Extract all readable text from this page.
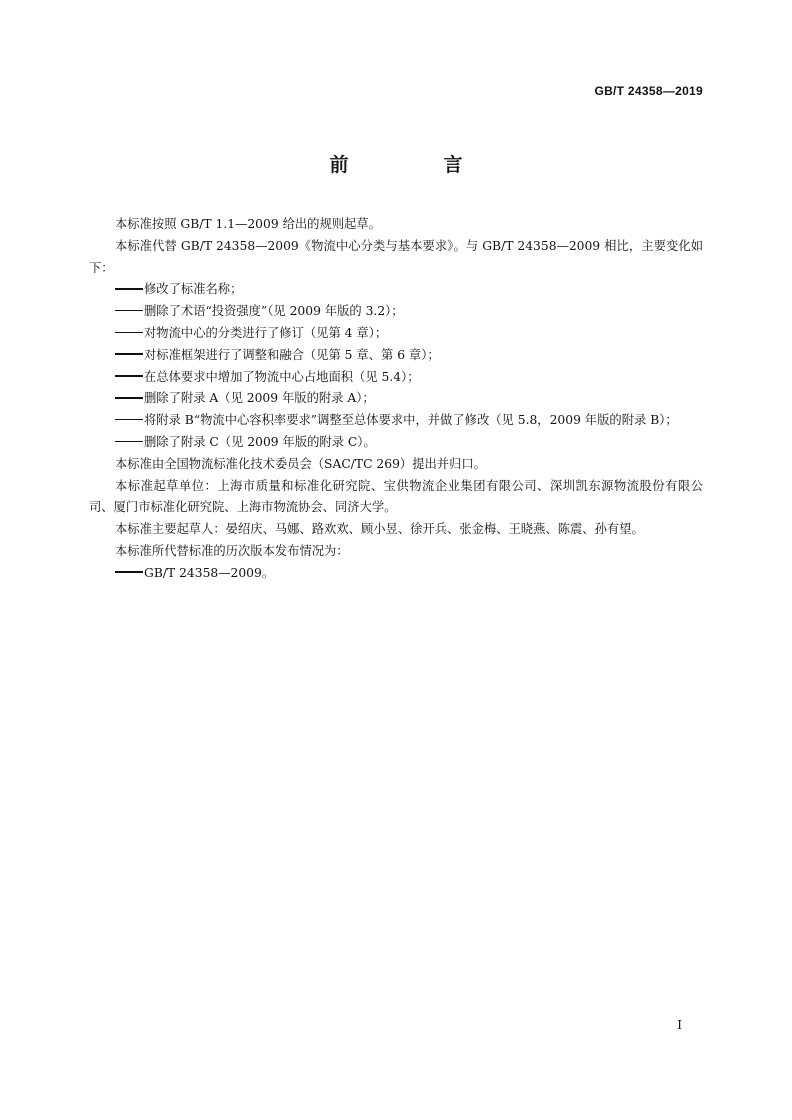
GB/T 24358—2019
前　言

本标准按照 GB/T 1.1—2009 给出的规则起草。

本标准代替 GB/T 24358—2009《物流中心分类与基本要求》。与 GB/T 24358—2009 相比，主要变化如下：

修改了标准名称；

删除了术语“投资强度”（见 2009 年版的 3.2）；

对物流中心的分类进行了修订（见第 4 章）；

对标准框架进行了调整和融合（见第 5 章、第 6 章）；

在总体要求中增加了物流中心占地面积（见 5.4）；

删除了附录 A（见 2009 年版的附录 A）；

将附录 B“物流中心容积率要求”调整至总体要求中，并做了修改（见 5.8，2009 年版的附录 B）；

删除了附录 C（见 2009 年版的附录 C）。

本标准由全国物流标准化技术委员会（SAC/TC 269）提出并归口。

本标准起草单位：上海市质量和标准化研究院、宝供物流企业集团有限公司、深圳凯东源物流股份有限公司、厦门市标准化研究院、上海市物流协会、同济大学。

本标准主要起草人：晏绍庆、马娜、路欢欢、顾小昱、徐开兵、张金梅、王晓燕、陈震、孙有望。

本标准所代替标准的历次版本发布情况为：

GB/T 24358—2009。

I
